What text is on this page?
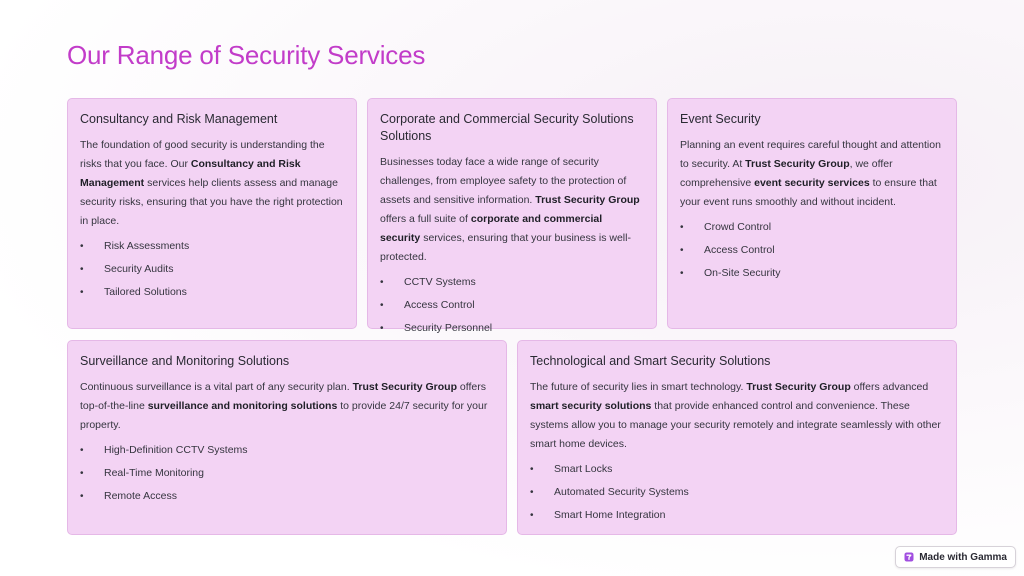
Our Range of Security Services
Consultancy and Risk Management

The foundation of good security is understanding the risks that you face. Our Consultancy and Risk Management services help clients assess and manage security risks, ensuring that you have the right protection in place.

• Risk Assessments
• Security Audits
• Tailored Solutions
Corporate and Commercial Security Solutions Solutions

Businesses today face a wide range of security challenges, from employee safety to the protection of assets and sensitive information. Trust Security Group offers a full suite of corporate and commercial security services, ensuring that your business is well-protected.

• CCTV Systems
• Access Control
• Security Personnel
Event Security

Planning an event requires careful thought and attention to security. At Trust Security Group, we offer comprehensive event security services to ensure that your event runs smoothly and without incident.

• Crowd Control
• Access Control
• On-Site Security
Surveillance and Monitoring Solutions

Continuous surveillance is a vital part of any security plan. Trust Security Group offers top-of-the-line surveillance and monitoring solutions to provide 24/7 security for your property.

• High-Definition CCTV Systems
• Real-Time Monitoring
• Remote Access
Technological and Smart Security Solutions

The future of security lies in smart technology. Trust Security Group offers advanced smart security solutions that provide enhanced control and convenience. These systems allow you to manage your security remotely and integrate seamlessly with other smart home devices.

• Smart Locks
• Automated Security Systems
• Smart Home Integration
Made with Gamma
